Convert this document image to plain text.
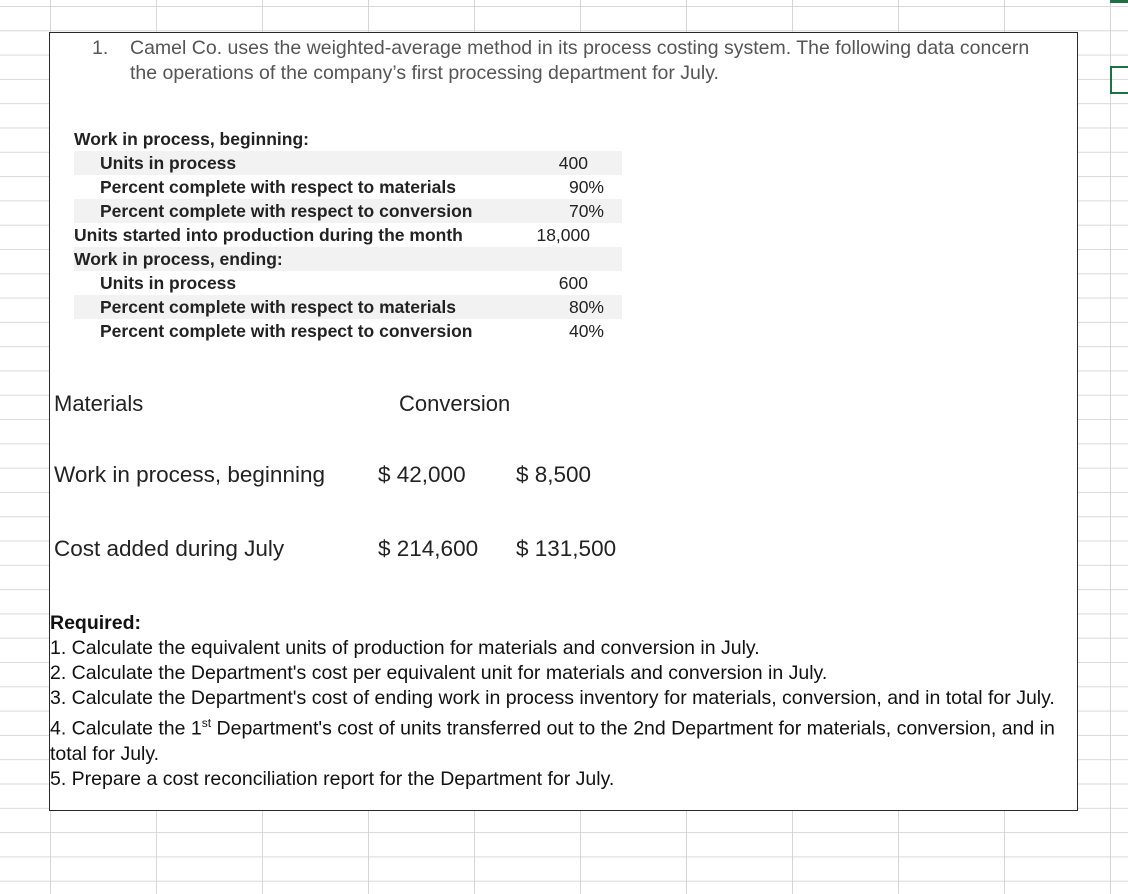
1. Camel Co. uses the weighted-average method in its process costing system. The following data concern the operations of the company’s first processing department for July.
Work in process, beginning:
Units in process	400
Percent complete with respect to materials	90%
Percent complete with respect to conversion	70%
Units started into production during the month	18,000
Work in process, ending:
Units in process	600
Percent complete with respect to materials	80%
Percent complete with respect to conversion	40%
Materials	Conversion
Work in process, beginning $ 42,000 $ 8,500
Cost added during July	$ 214,600 $ 131,500
Required:
1. Calculate the equivalent units of production for materials and conversion in July.
2. Calculate the Department's cost per equivalent unit for materials and conversion in July.
3. Calculate the Department's cost of ending work in process inventory for materials, conversion, and in total for July.
4. Calculate the 1st Department's cost of units transferred out to the 2nd Department for materials, conversion, and in total for July.
5. Prepare a cost reconciliation report for the Department for July.
